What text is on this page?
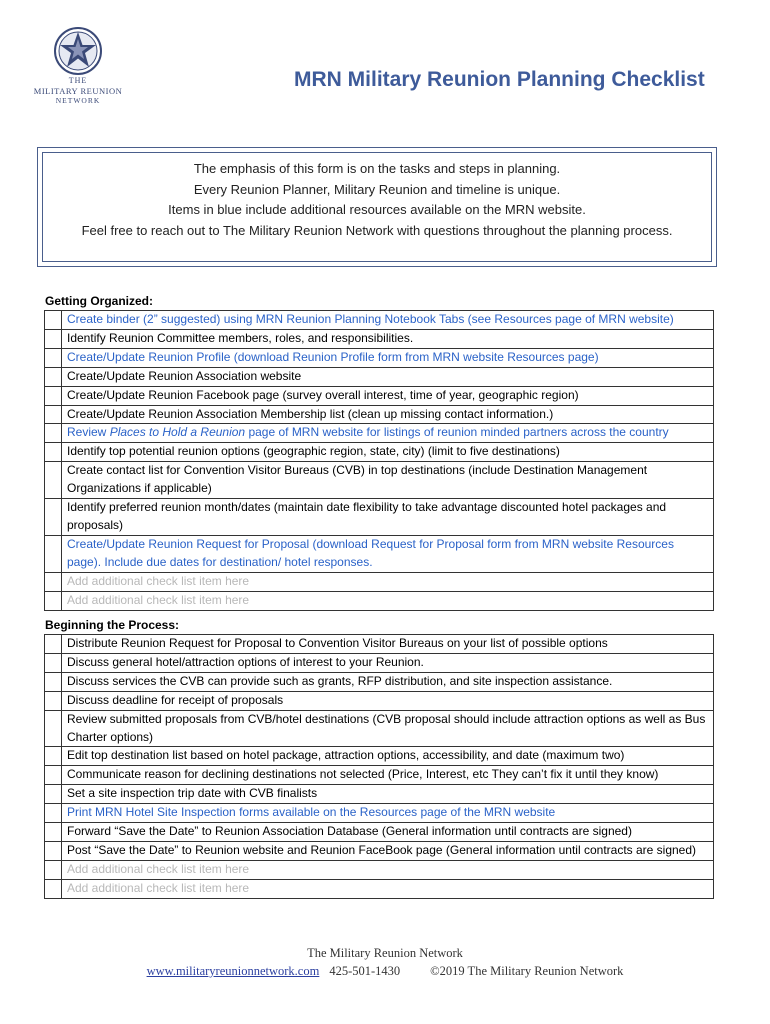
THE
MILITARY REUNION
NETWORK
MRN Military Reunion Planning Checklist
The emphasis of this form is on the tasks and steps in planning.
Every Reunion Planner, Military Reunion and timeline is unique.
Items in blue include additional resources available on the MRN website.
Feel free to reach out to The Military Reunion Network with questions throughout the planning process.
Getting Organized:
	Create binder (2” suggested) using MRN Reunion Planning Notebook Tabs (see Resources page of MRN website)
	Identify Reunion Committee members, roles, and responsibilities.
	Create/Update Reunion Profile (download Reunion Profile form from MRN website Resources page)
	Create/Update Reunion Association website
	Create/Update Reunion Facebook page (survey overall interest, time of year, geographic region)
	Create/Update Reunion Association Membership list (clean up missing contact information.)
	Review Places to Hold a Reunion page of MRN website for listings of reunion minded partners across the country
	Identify top potential reunion options (geographic region, state, city) (limit to five destinations)
	Create contact list for Convention Visitor Bureaus (CVB) in top destinations (include Destination Management Organizations if applicable)
	Identify preferred reunion month/dates (maintain date flexibility to take advantage discounted hotel packages and proposals)
	Create/Update Reunion Request for Proposal (download Request for Proposal form from MRN website Resources page). Include due dates for destination/ hotel responses.
	Add additional check list item here
	Add additional check list item here
Beginning the Process:
	Distribute Reunion Request for Proposal to Convention Visitor Bureaus on your list of possible options
	Discuss general hotel/attraction options of interest to your Reunion.
	Discuss services the CVB can provide such as grants, RFP distribution, and site inspection assistance.
	Discuss deadline for receipt of proposals
	Review submitted proposals from CVB/hotel destinations (CVB proposal should include attraction options as well as Bus Charter options)
	Edit top destination list based on hotel package, attraction options, accessibility, and date (maximum two)
	Communicate reason for declining destinations not selected (Price, Interest, etc They can’t fix it until they know)
	Set a site inspection trip date with CVB finalists
	Print MRN Hotel Site Inspection forms available on the Resources page of the MRN website
	Forward “Save the Date” to Reunion Association Database (General information until contracts are signed)
	Post “Save the Date” to Reunion website and Reunion FaceBook page (General information until contracts are signed)
	Add additional check list item here
	Add additional check list item here
The Military Reunion Network
www.militaryreunionnetwork.com 425-501-1430 ©2019 The Military Reunion Network
